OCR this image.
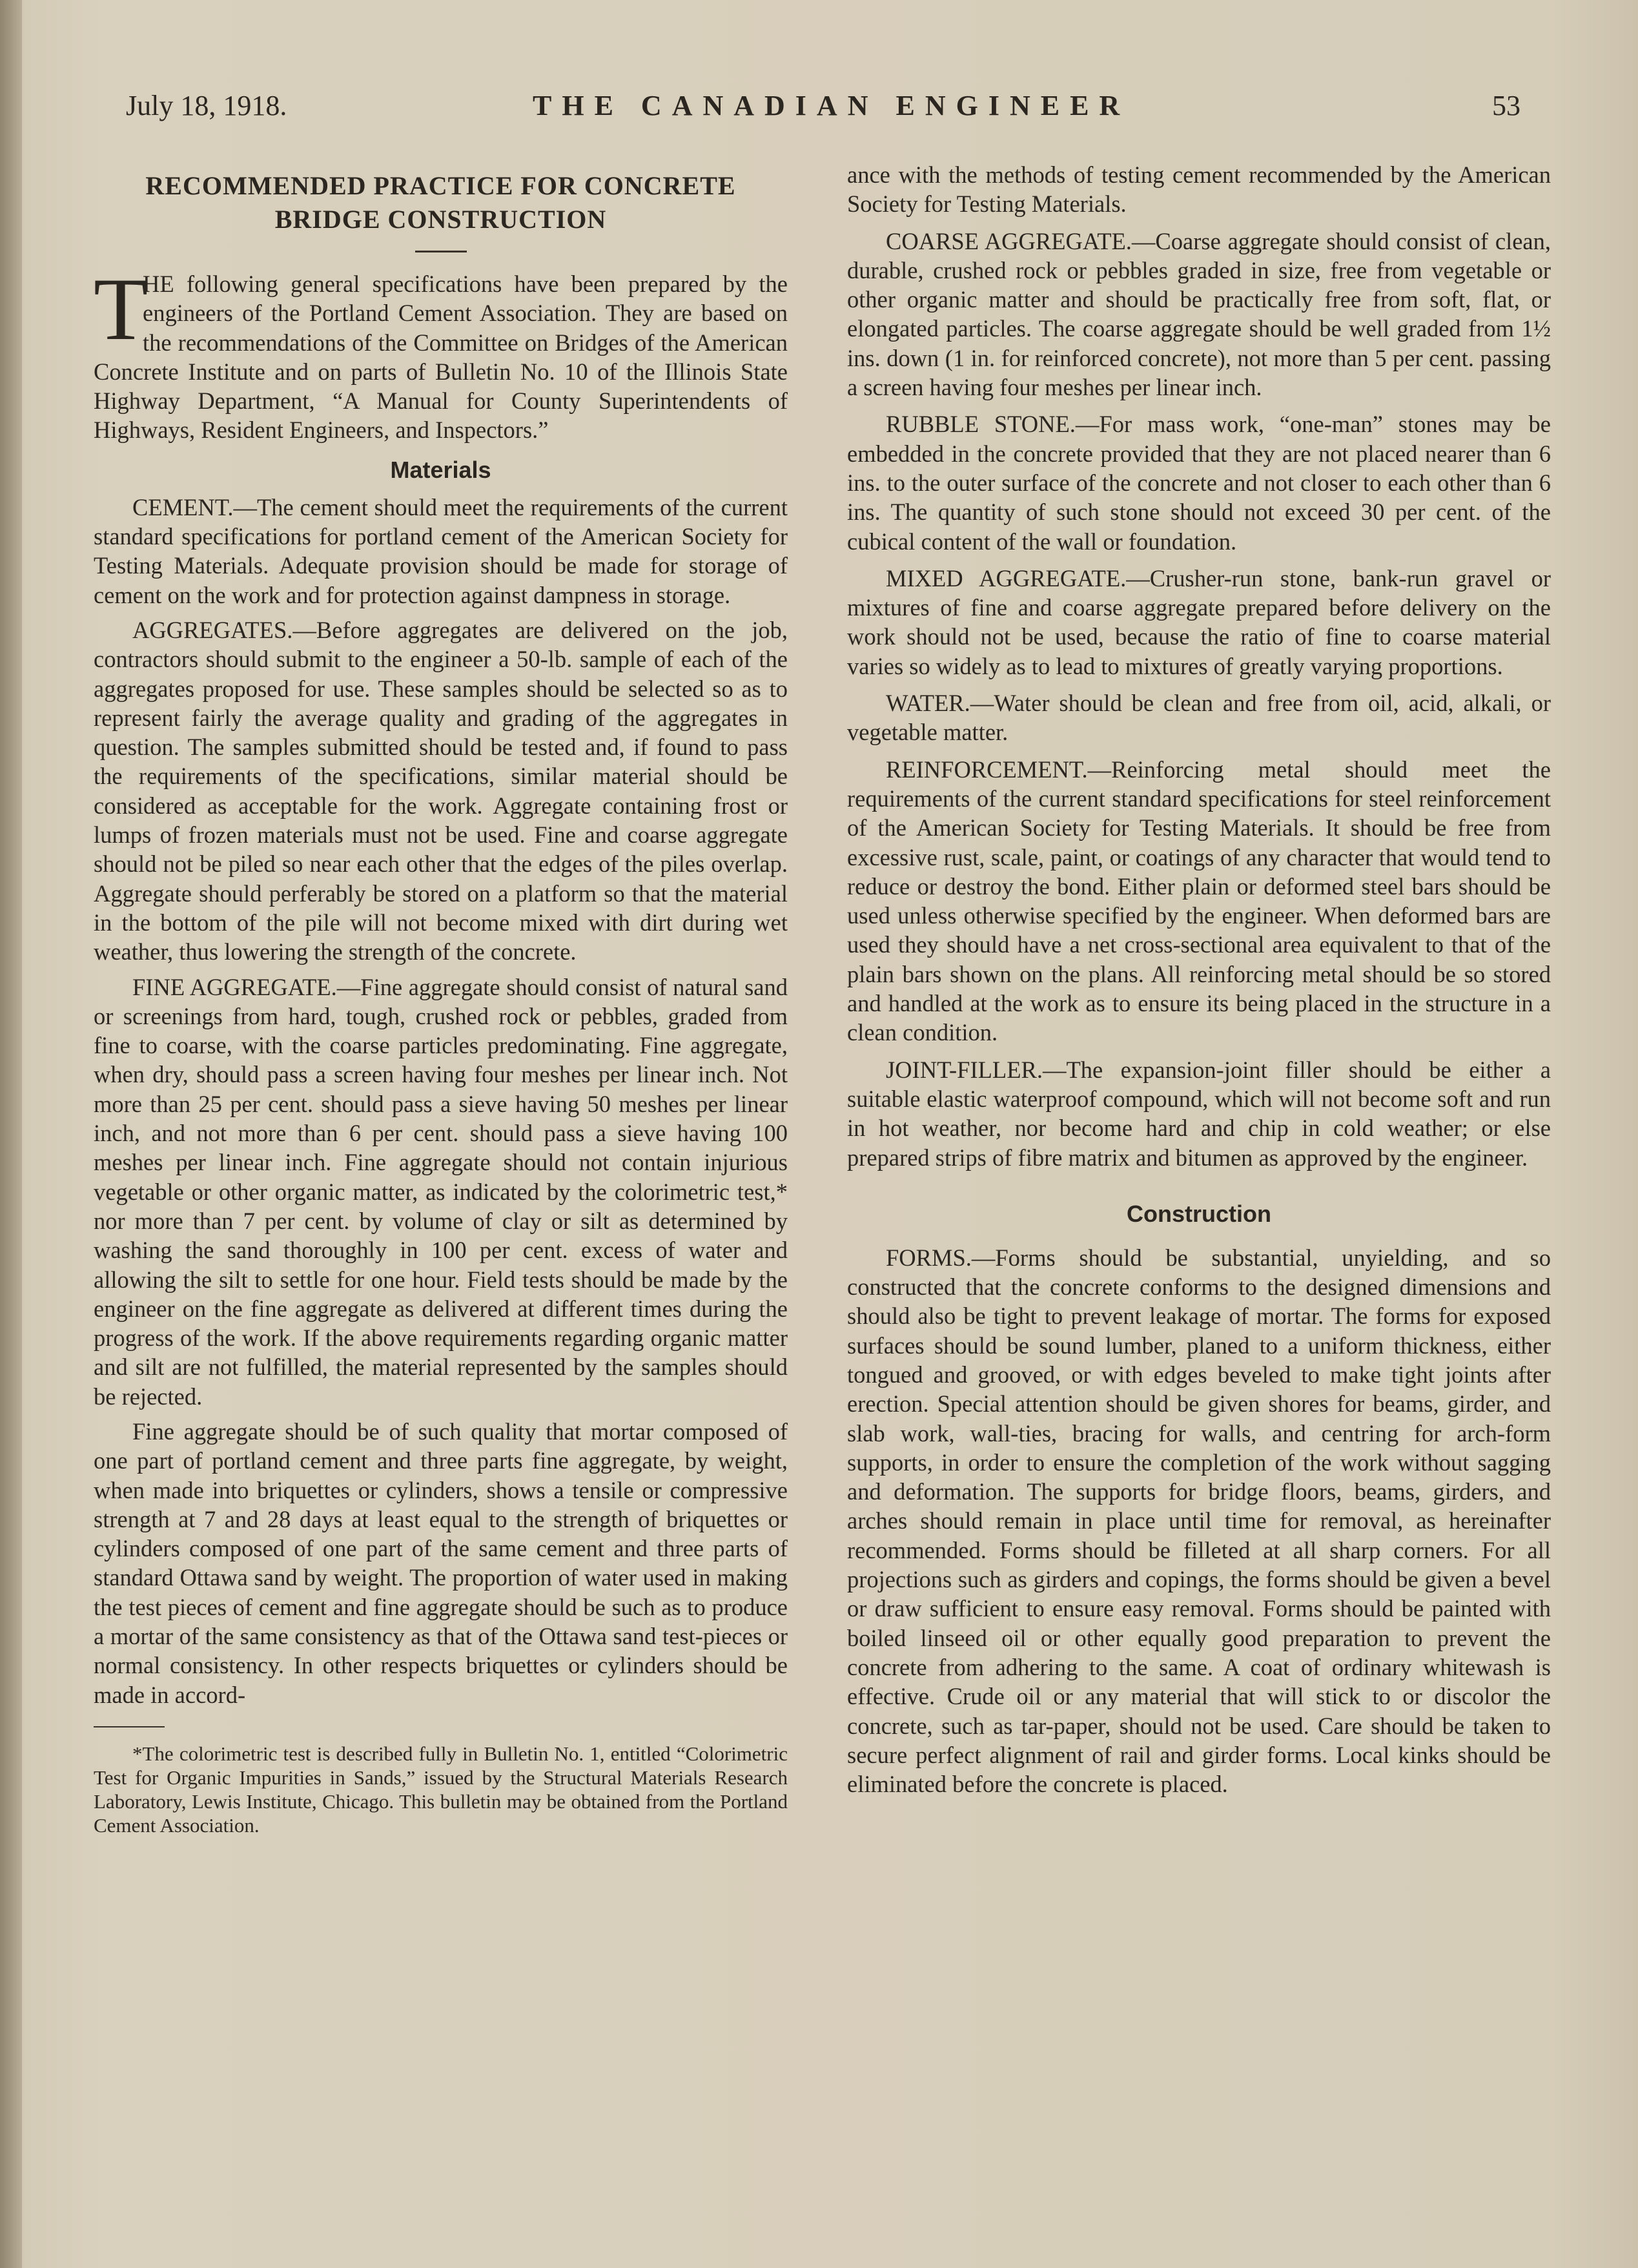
July 18, 1918.	THE CANADIAN ENGINEER	53
RECOMMENDED PRACTICE FOR CONCRETE
BRIDGE CONSTRUCTION

T
HE following general specifications have been prepared by the engineers of the Portland Cement Association. They are based on the recommendations of the Committee on Bridges of the American Concrete Institute and on parts of Bulletin No. 10 of the Illinois State Highway Department, “A Manual for County Superintendents of Highways, Resident Engineers, and Inspectors.”

Materials

CEMENT.—The cement should meet the requirements of the current standard specifications for portland cement of the American Society for Testing Materials. Adequate provision should be made for storage of cement on the work and for protection against dampness in storage.

AGGREGATES.—Before aggregates are delivered on the job, contractors should submit to the engineer a 50-lb. sample of each of the aggregates proposed for use. These samples should be selected so as to represent fairly the average quality and grading of the aggregates in question. The samples submitted should be tested and, if found to pass the requirements of the specifications, similar material should be considered as acceptable for the work. Aggregate containing frost or lumps of frozen materials must not be used. Fine and coarse aggregate should not be piled so near each other that the edges of the piles overlap. Aggregate should perferably be stored on a platform so that the material in the bottom of the pile will not become mixed with dirt during wet weather, thus lowering the strength of the concrete.

FINE AGGREGATE.—Fine aggregate should consist of natural sand or screenings from hard, tough, crushed rock or pebbles, graded from fine to coarse, with the coarse particles predominating. Fine aggregate, when dry, should pass a screen having four meshes per linear inch. Not more than 25 per cent. should pass a sieve having 50 meshes per linear inch, and not more than 6 per cent. should pass a sieve having 100 meshes per linear inch. Fine aggregate should not contain injurious vegetable or other organic matter, as indicated by the colorimetric test,* nor more than 7 per cent. by volume of clay or silt as determined by washing the sand thoroughly in 100 per cent. excess of water and allowing the silt to settle for one hour. Field tests should be made by the engineer on the fine aggregate as delivered at different times during the progress of the work. If the above requirements regarding organic matter and silt are not fulfilled, the material represented by the samples should be rejected.

Fine aggregate should be of such quality that mortar composed of one part of portland cement and three parts fine aggregate, by weight, when made into briquettes or cylinders, shows a tensile or compressive strength at 7 and 28 days at least equal to the strength of briquettes or cylinders composed of one part of the same cement and three parts of standard Ottawa sand by weight. The proportion of water used in making the test pieces of cement and fine aggregate should be such as to produce a mortar of the same consistency as that of the Ottawa sand test-pieces or normal consistency. In other respects briquettes or cylinders should be made in accord-

*The colorimetric test is described fully in Bulletin No. 1, entitled “Colorimetric Test for Organic Impurities in Sands,” issued by the Structural Materials Research Laboratory, Lewis Institute, Chicago. This bulletin may be obtained from the Portland Cement Association.

ance with the methods of testing cement recommended by the American Society for Testing Materials.

COARSE AGGREGATE.—Coarse aggregate should consist of clean, durable, crushed rock or pebbles graded in size, free from vegetable or other organic matter and should be practically free from soft, flat, or elongated particles. The coarse aggregate should be well graded from 1½ ins. down (1 in. for reinforced concrete), not more than 5 per cent. passing a screen having four meshes per linear inch.

RUBBLE STONE.—For mass work, “one-man” stones may be embedded in the concrete provided that they are not placed nearer than 6 ins. to the outer surface of the concrete and not closer to each other than 6 ins. The quantity of such stone should not exceed 30 per cent. of the cubical content of the wall or foundation.

MIXED AGGREGATE.—Crusher-run stone, bank-run gravel or mixtures of fine and coarse aggregate prepared before delivery on the work should not be used, because the ratio of fine to coarse material varies so widely as to lead to mixtures of greatly varying proportions.

WATER.—Water should be clean and free from oil, acid, alkali, or vegetable matter.

REINFORCEMENT.—Reinforcing metal should meet the requirements of the current standard specifications for steel reinforcement of the American Society for Testing Materials. It should be free from excessive rust, scale, paint, or coatings of any character that would tend to reduce or destroy the bond. Either plain or deformed steel bars should be used unless otherwise specified by the engineer. When deformed bars are used they should have a net cross-sectional area equivalent to that of the plain bars shown on the plans. All reinforcing metal should be so stored and handled at the work as to ensure its being placed in the structure in a clean condition.

JOINT-FILLER.—The expansion-joint filler should be either a suitable elastic waterproof compound, which will not become soft and run in hot weather, nor become hard and chip in cold weather; or else prepared strips of fibre matrix and bitumen as approved by the engineer.

Construction

FORMS.—Forms should be substantial, unyielding, and so constructed that the concrete conforms to the designed dimensions and should also be tight to prevent leakage of mortar. The forms for exposed surfaces should be sound lumber, planed to a uniform thickness, either tongued and grooved, or with edges beveled to make tight joints after erection. Special attention should be given shores for beams, girder, and slab work, wall-ties, bracing for walls, and centring for arch-form supports, in order to ensure the completion of the work without sagging and deformation. The supports for bridge floors, beams, girders, and arches should remain in place until time for removal, as hereinafter recommended. Forms should be filleted at all sharp corners. For all projections such as girders and copings, the forms should be given a bevel or draw sufficient to ensure easy removal. Forms should be painted with boiled linseed oil or other equally good preparation to prevent the concrete from adhering to the same. A coat of ordinary whitewash is effective. Crude oil or any material that will stick to or discolor the concrete, such as tar-paper, should not be used. Care should be taken to secure perfect alignment of rail and girder forms. Local kinks should be eliminated before the concrete is placed.
